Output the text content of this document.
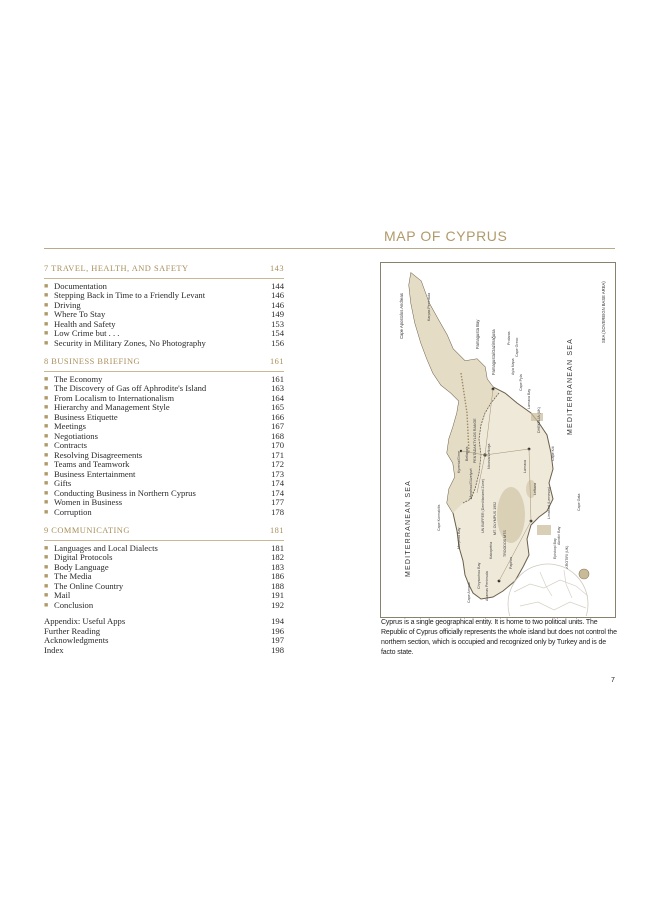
MAP OF CYPRUS
7 TRAVEL, HEALTH, AND SAFETY	143
■ Documentation	144
■ Stepping Back in Time to a Friendly Levant	146
■ Driving	146
■ Where To Stay	149
■ Health and Safety	153
■ Low Crime but . . .	154
■ Security in Military Zones, No Photography	156
8 BUSINESS BRIEFING	161
■ The Economy	161
■ The Discovery of Gas off Aphrodite's Island	163
■ From Localism to Internationalism	164
■ Hierarchy and Management Style	165
■ Business Etiquette	166
■ Meetings	167
■ Negotiations	168
■ Contracts	170
■ Resolving Disagreements	171
■ Teams and Teamwork	172
■ Business Entertainment	173
■ Gifts	174
■ Conducting Business in Northern Cyprus	174
■ Women in Business	177
■ Corruption	178
9 COMMUNICATING	181
■ Languages and Local Dialects	181
■ Digital Protocols	182
■ Body Language	183
■ The Media	186
■ The Online Country	188
■ Mail	191
■ Conclusion	192
Appendix: Useful Apps	194
Further Reading	196
Acknowledgments	197
Index	198
MEDITERRANEAN SEA
MEDITERRANEAN SEA
SEA (SOVEREIGN BASE AREA)
Cape Apostolos Andreas	Karpas Peninsula
Famagusta Bay	Famagusta/Gazimağusa	Protaras Cape Greco
Ayia Napa
Cape Pyla
Larnaca Bay
DHEKELIA (UK)
Cape Kiti
Larnaca
Lefkara	Limassol (Lemesos)
Akrotiri Bay
Cape Gata
Episkopi Bay AKROTIRI (UK)
Paphos
Cape Arnauti	Akamas Peninsula
Chrysochou Bay
Cape Kormakitis
Morphou Bay
Kyrenia/Girne Bellapais	Nicosia/Lefkoşa
Morphou/Güzelyurt
MT. OLYMPUS 1952
TROODOS MTS
PENTADAKTYLOS RANGE
UN BUFFER (Demilitarized Zone)
Kakopetria
Cyprus is a single geographical entity. It is home to two political units. The Republic of Cyprus officially represents the whole island but does not control the northern section, which is occupied and recognized only by Turkey and is de facto state.
7
